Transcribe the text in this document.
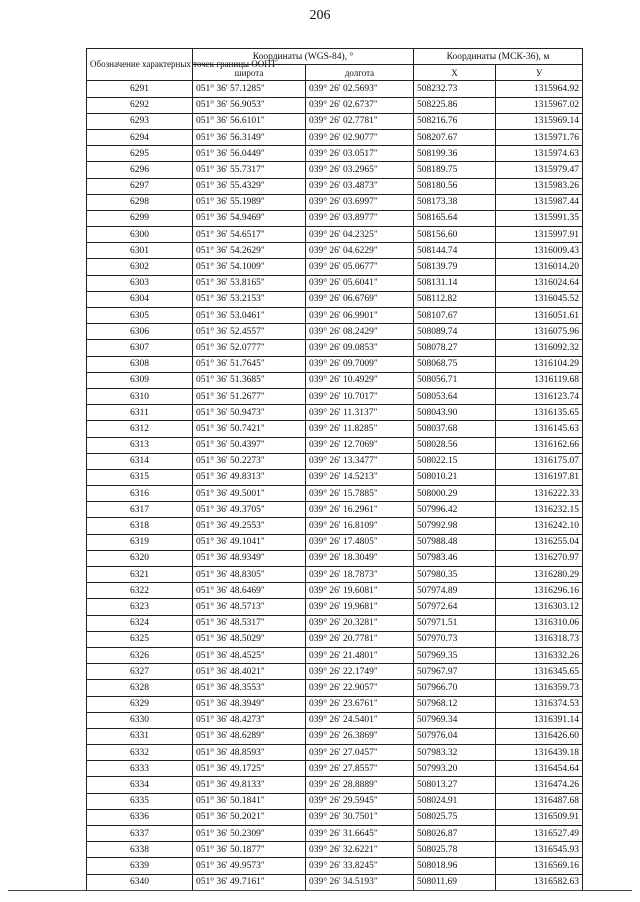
206
Обозначение характерных точек границы ООПТ	Координаты (WGS-84), °		Координаты (МСК-36), м	
	широта	долгота	X	У
6291	051° 36' 57.1285"	039° 26' 02.5693"	508232.73	1315964.92
6292	051° 36' 56.9053"	039° 26' 02.6737"	508225.86	1315967.02
6293	051° 36' 56.6101"	039° 26' 02.7781"	508216.76	1315969.14
6294	051° 36' 56.3149"	039° 26' 02.9077"	508207.67	1315971.76
6295	051° 36' 56.0449"	039° 26' 03.0517"	508199.36	1315974.63
6296	051° 36' 55.7317"	039° 26' 03.2965"	508189.75	1315979.47
6297	051° 36' 55.4329"	039° 26' 03.4873"	508180.56	1315983.26
6298	051° 36' 55.1989"	039° 26' 03.6997"	508173.38	1315987.44
6299	051° 36' 54.9469"	039° 26' 03.8977"	508165.64	1315991.35
6300	051° 36' 54.6517"	039° 26' 04.2325"	508156.60	1315997.91
6301	051° 36' 54.2629"	039° 26' 04.6229"	508144.74	1316009.43
6302	051° 36' 54.1009"	039° 26' 05.0677"	508139.79	1316014.20
6303	051° 36' 53.8165"	039° 26' 05.6041"	508131.14	1316024.64
6304	051° 36' 53.2153"	039° 26' 06.6769"	508112.82	1316045.52
6305	051° 36' 53.0461"	039° 26' 06.9901"	508107.67	1316051.61
6306	051° 36' 52.4557"	039° 26' 08.2429"	508089.74	1316075.96
6307	051° 36' 52.0777"	039° 26' 09.0853"	508078.27	1316092.32
6308	051° 36' 51.7645"	039° 26' 09.7009"	508068.75	1316104.29
6309	051° 36' 51.3685"	039° 26' 10.4929"	508056.71	1316119.68
6310	051° 36' 51.2677"	039° 26' 10.7017"	508053.64	1316123.74
6311	051° 36' 50.9473"	039° 26' 11.3137"	508043.90	1316135.65
6312	051° 36' 50.7421"	039° 26' 11.8285"	508037.68	1316145.63
6313	051° 36' 50.4397"	039° 26' 12.7069"	508028.56	1316162.66
6314	051° 36' 50.2273"	039° 26' 13.3477"	508022.15	1316175.07
6315	051° 36' 49.8313"	039° 26' 14.5213"	508010.21	1316197.81
6316	051° 36' 49.5001"	039° 26' 15.7885"	508000.29	1316222.33
6317	051° 36' 49.3705"	039° 26' 16.2961"	507996.42	1316232.15
6318	051° 36' 49.2553"	039° 26' 16.8109"	507992.98	1316242.10
6319	051° 36' 49.1041"	039° 26' 17.4805"	507988.48	1316255.04
6320	051° 36' 48.9349"	039° 26' 18.3049"	507983.46	1316270.97
6321	051° 36' 48.8305"	039° 26' 18.7873"	507980.35	1316280.29
6322	051° 36' 48.6469"	039° 26' 19.6081"	507974.89	1316296.16
6323	051° 36' 48.5713"	039° 26' 19.9681"	507972.64	1316303.12
6324	051° 36' 48.5317"	039° 26' 20.3281"	507971.51	1316310.06
6325	051° 36' 48.5029"	039° 26' 20.7781"	507970.73	1316318.73
6326	051° 36' 48.4525"	039° 26' 21.4801"	507969.35	1316332.26
6327	051° 36' 48.4021"	039° 26' 22.1749"	507967.97	1316345.65
6328	051° 36' 48.3553"	039° 26' 22.9057"	507966.70	1316359.73
6329	051° 36' 48.3949"	039° 26' 23.6761"	507968.12	1316374.53
6330	051° 36' 48.4273"	039° 26' 24.5401"	507969.34	1316391.14
6331	051° 36' 48.6289"	039° 26' 26.3869"	507976.04	1316426.60
6332	051° 36' 48.8593"	039° 26' 27.0457"	507983.32	1316439.18
6333	051° 36' 49.1725"	039° 26' 27.8557"	507993.20	1316454.64
6334	051° 36' 49.8133"	039° 26' 28.8889"	508013.27	1316474.26
6335	051° 36' 50.1841"	039° 26' 29.5945"	508024.91	1316487.68
6336	051° 36' 50.2021"	039° 26' 30.7501"	508025.75	1316509.91
6337	051° 36' 50.2309"	039° 26' 31.6645"	508026.87	1316527.49
6338	051° 36' 50.1877"	039° 26' 32.6221"	508025.78	1316545.93
6339	051° 36' 49.9573"	039° 26' 33.8245"	508018.96	1316569.16
6340	051° 36' 49.7161"	039° 26' 34.5193"	508011.69	1316582.63
